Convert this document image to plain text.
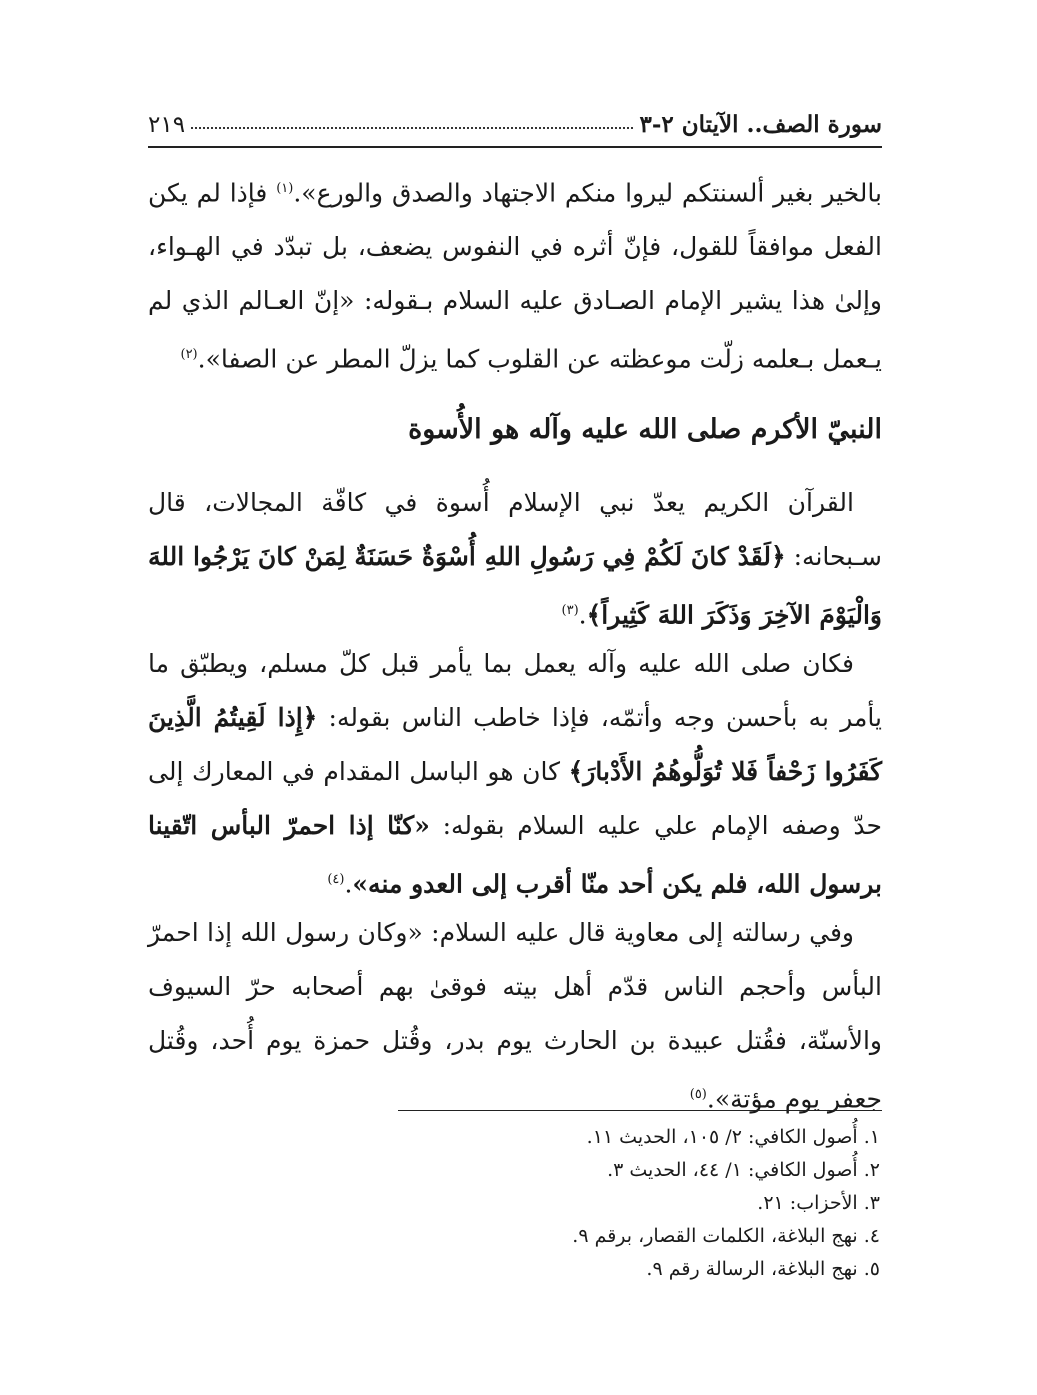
سورة الصف.. الآيتان ٢-٣
٢١٩

بالخير بغير ألسنتكم ليروا منكم الاجتهاد والصدق والورع».$^{(١)}$ فإذا لم يكن الفعل موافقاً للقول، فإنّ أثره في النفوس يضعف، بل تبدّد في الهـواء، وإلىٰ هذا يشير الإمام الصـادق عليه السلام بـقوله: «إنّ العـالم الذي لم يـعمل بـعلمه زلّت موعظته عن القلوب كما يزلّ المطر عن الصفا».$^{(٢)}$

النبيّ الأكرم صلى الله عليه وآله هو الأُسوة

القرآن الكريم يعدّ نبي الإسلام أُسوة في كافّة المجالات، قال سـبحانه: ﴿لَقَدْ كانَ لَكُمْ فِي رَسُولِ اللهِ أُسْوَةٌ حَسَنَةٌ لِمَنْ كانَ يَرْجُوا اللهَ وَالْيَوْمَ الآخِرَ وَذَكَرَ اللهَ كَثِيراً﴾.$^{(٣)}$

فكان صلى الله عليه وآله يعمل بما يأمر قبل كلّ مسلم، ويطبّق ما يأمر به بأحسن وجه وأتمّه، فإذا خاطب الناس بقوله: ﴿إِذا لَقِيتُمُ الَّذِينَ كَفَرُوا زَحْفاً فَلا تُوَلُّوهُمُ الأَدْبارَ﴾ كان هو الباسل المقدام في المعارك إلى حدّ وصفه الإمام علي عليه السلام بقوله: «كنّا إذا احمرّ البأس اتّقينا برسول الله، فلم يكن أحد منّا أقرب إلى العدو منه».$^{(٤)}$

وفي رسالته إلى معاوية قال عليه السلام: «وكان رسول الله إذا احمرّ البأس وأحجم الناس قدّم أهل بيته فوقىٰ بهم أصحابه حرّ السيوف والأسنّة، فقُتل عبيدة بن الحارث يوم بدر، وقُتل حمزة يوم أُحد، وقُتل جعفر يوم مؤتة».$^{(٥)}$

١. أُصول الكافي: ٢/ ١٠٥، الحديث ١١.
٢. أُصول الكافي: ١/ ٤٤، الحديث ٣.
٣. الأحزاب: ٢١.
٤. نهج البلاغة، الكلمات القصار، برقم ٩.
٥. نهج البلاغة، الرسالة رقم ٩.
